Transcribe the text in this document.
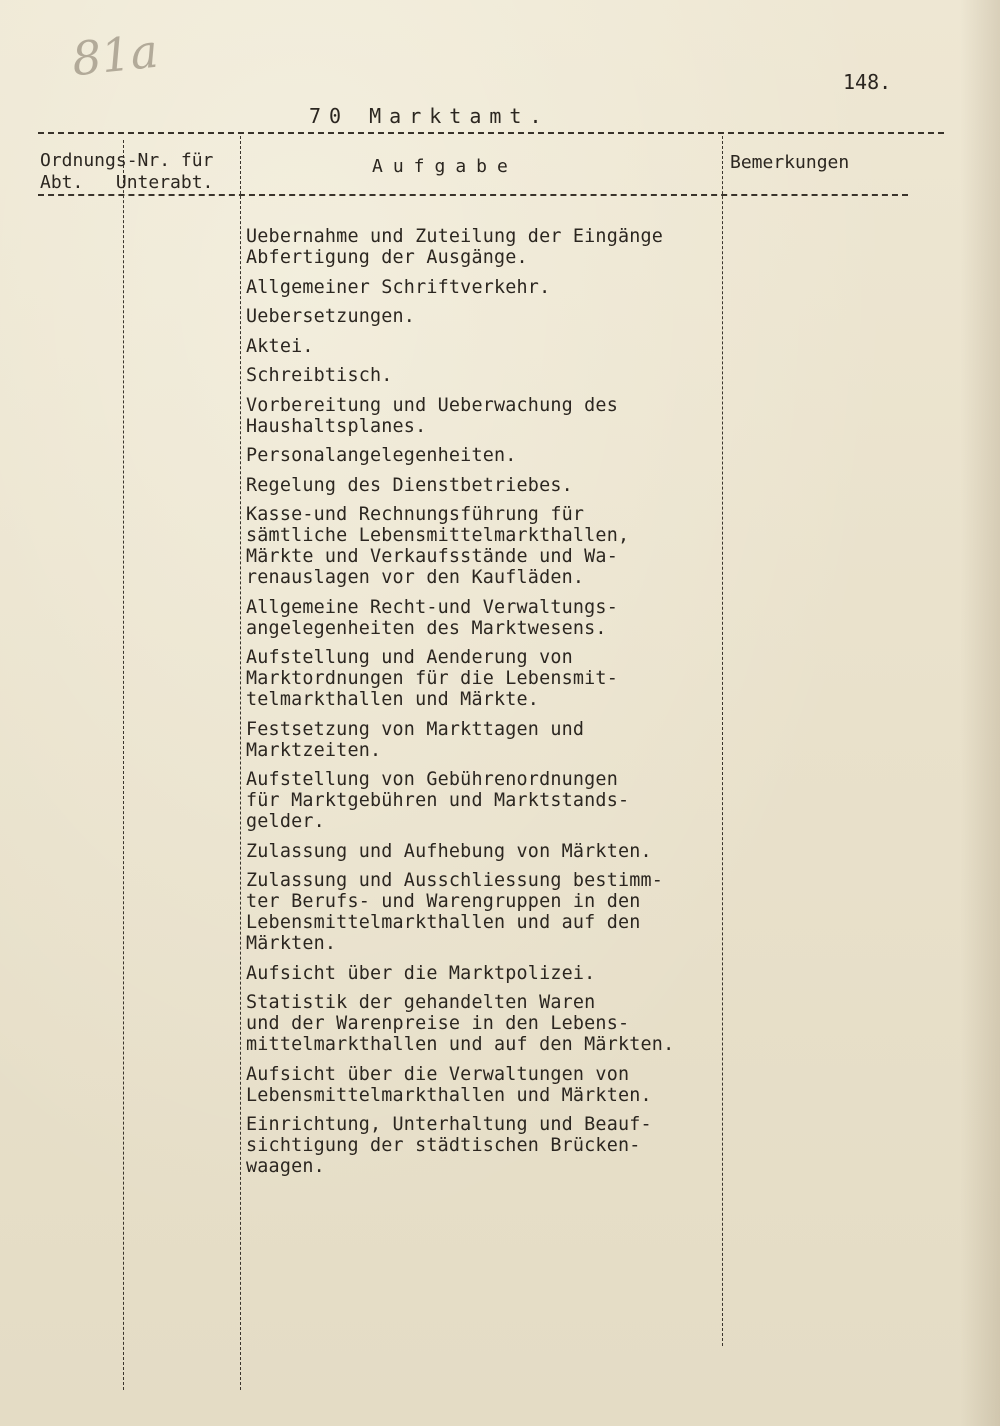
81a	148.
70 Marktamt.
Ordnungs-Nr. für
Abt.   Unterabt.
Aufgabe	Bemerkungen
Uebernahme und Zuteilung der Eingänge
Abfertigung der Ausgänge.
Allgemeiner Schriftverkehr.
Uebersetzungen.
Aktei.
Schreibtisch.
Vorbereitung und Ueberwachung des
Haushaltsplanes.
Personalangelegenheiten.
Regelung des Dienstbetriebes.
Kasse-und Rechnungsführung für
sämtliche Lebensmittelmarkthallen,
Märkte und Verkaufsstände und Wa-
renauslagen vor den Kaufläden.
Allgemeine Recht-und Verwaltungs-
angelegenheiten des Marktwesens.
Aufstellung und Aenderung von
Marktordnungen für die Lebensmit-
telmarkthallen und Märkte.
Festsetzung von Markttagen und
Marktzeiten.
Aufstellung von Gebührenordnungen
für Marktgebühren und Marktstands-
gelder.
Zulassung und Aufhebung von Märkten.
Zulassung und Ausschliessung bestimm-
ter Berufs- und Warengruppen in den
Lebensmittelmarkthallen und auf den
Märkten.
Aufsicht über die Marktpolizei.
Statistik der gehandelten Waren
und der Warenpreise in den Lebens-
mittelmarkthallen und auf den Märkten.
Aufsicht über die Verwaltungen von
Lebensmittelmarkthallen und Märkten.
Einrichtung, Unterhaltung und Beauf-
sichtigung der städtischen Brücken-
waagen.
